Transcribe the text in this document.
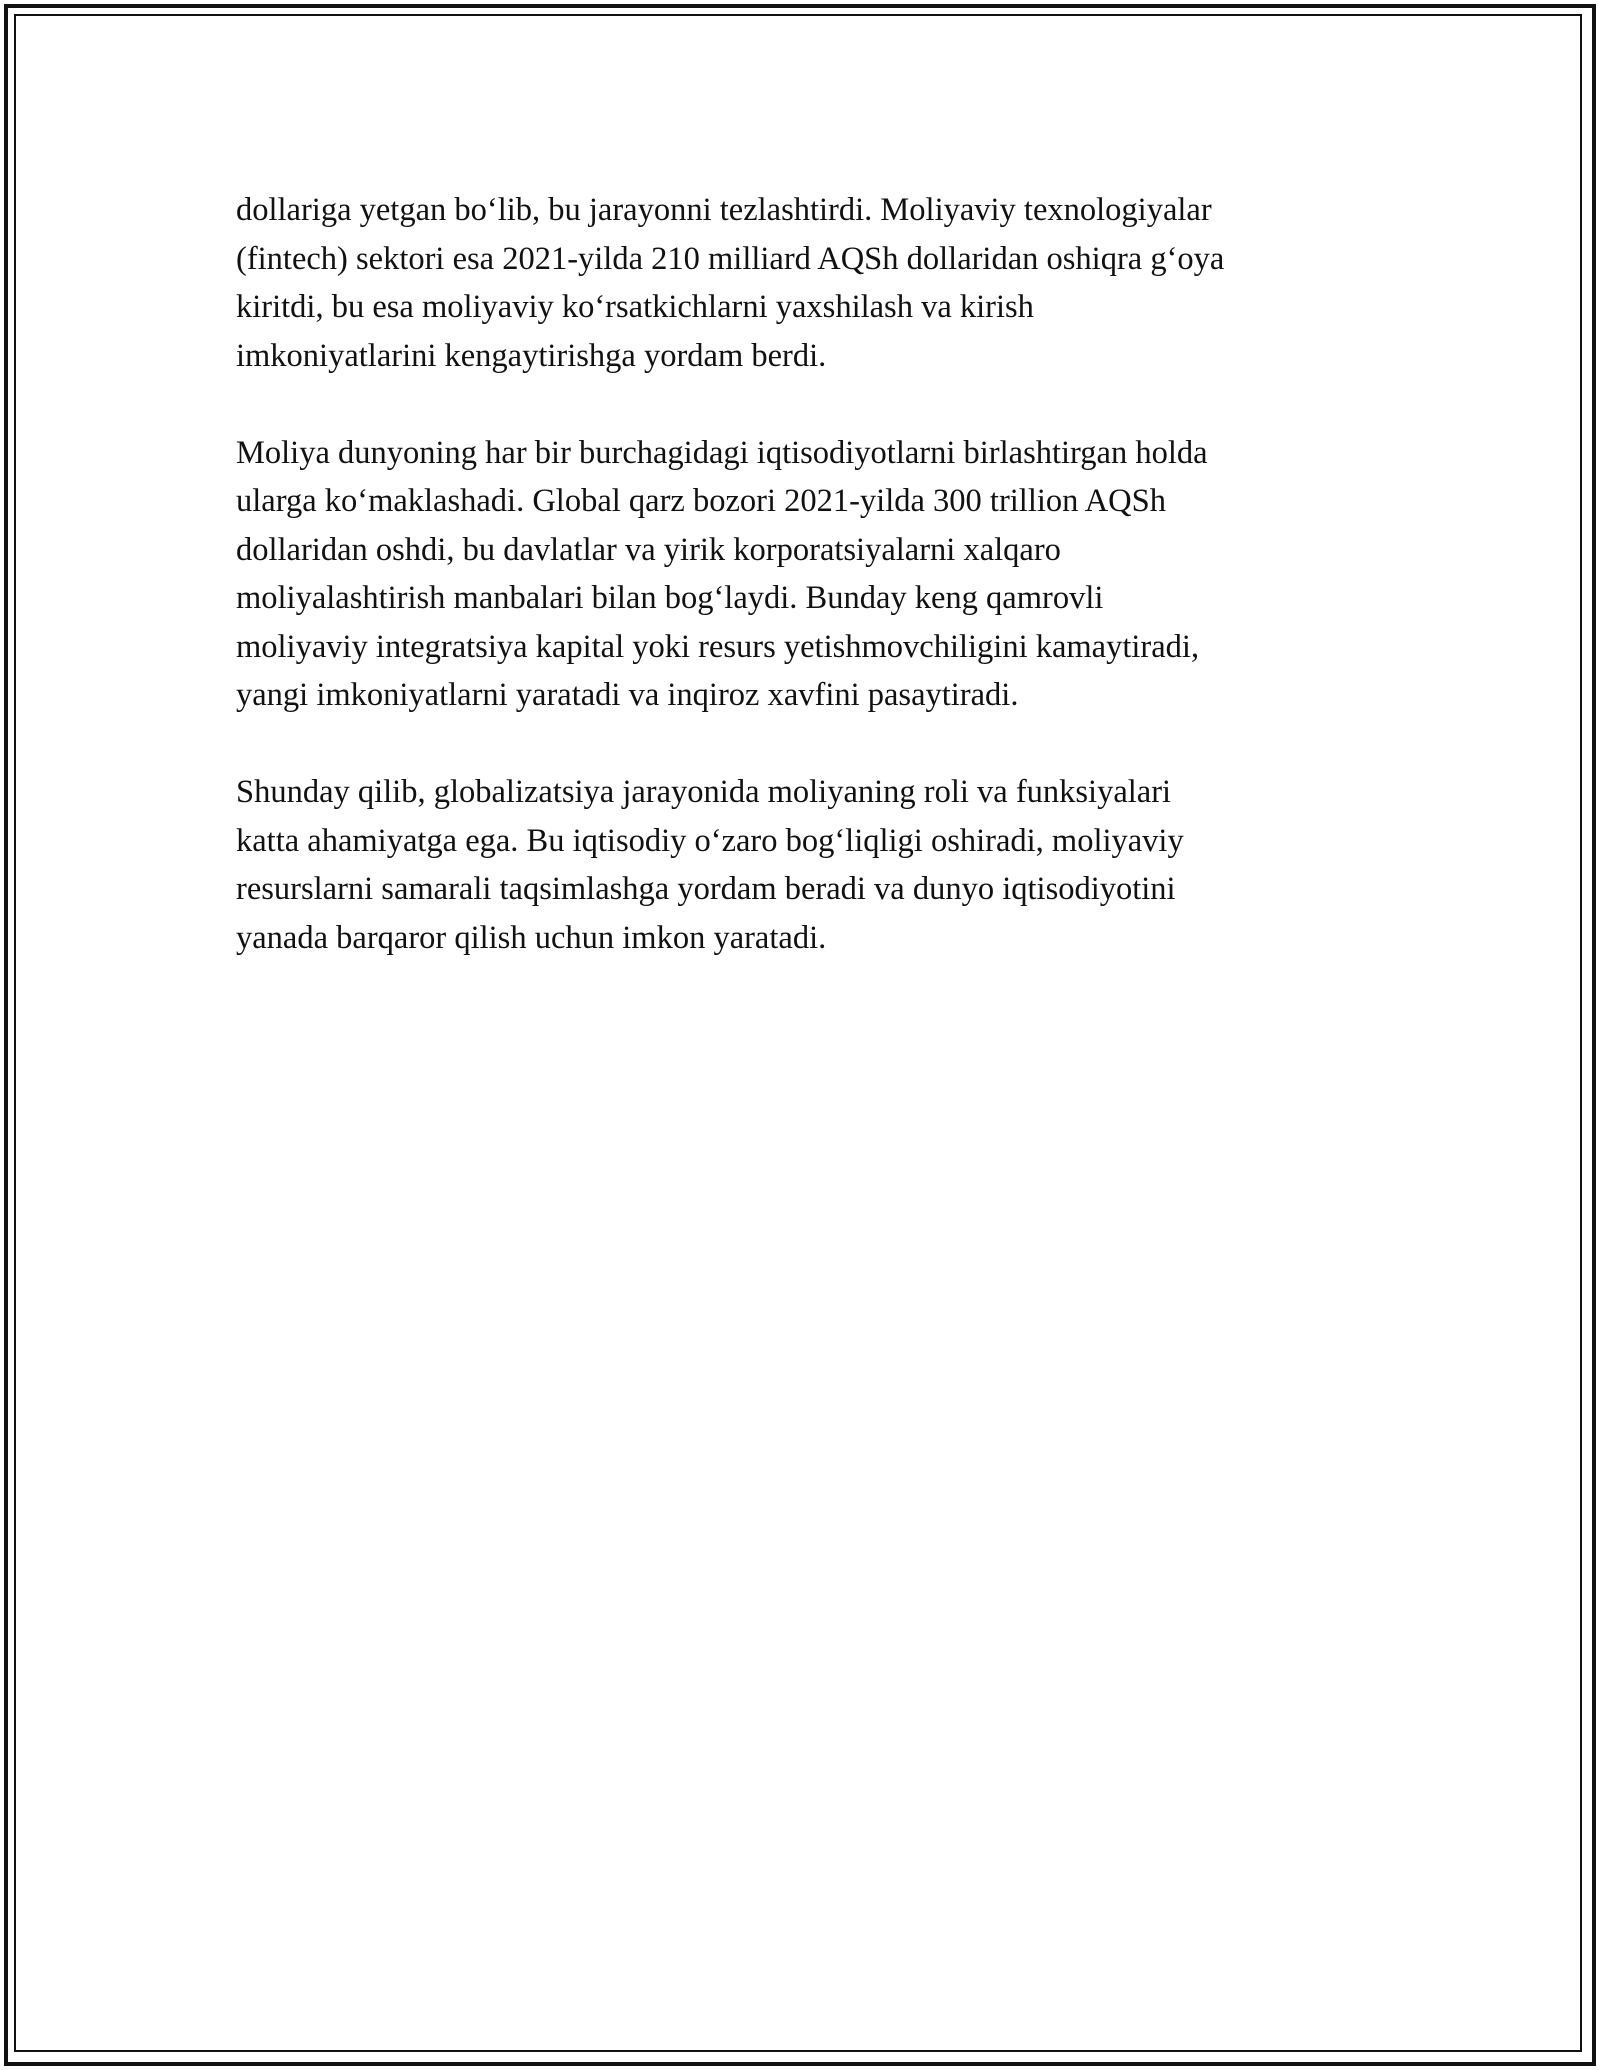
dollariga yetgan bo‘lib, bu jarayonni tezlashtirdi. Moliyaviy texnologiyalar
(fintech) sektori esa 2021-yilda 210 milliard AQSh dollaridan oshiqra g‘oya
kiritdi, bu esa moliyaviy ko‘rsatkichlarni yaxshilash va kirish
imkoniyatlarini kengaytirishga yordam berdi.

Moliya dunyoning har bir burchagidagi iqtisodiyotlarni birlashtirgan holda
ularga ko‘maklashadi. Global qarz bozori 2021-yilda 300 trillion AQSh
dollaridan oshdi, bu davlatlar va yirik korporatsiyalarni xalqaro
moliyalashtirish manbalari bilan bog‘laydi. Bunday keng qamrovli
moliyaviy integratsiya kapital yoki resurs yetishmovchiligini kamaytiradi,
yangi imkoniyatlarni yaratadi va inqiroz xavfini pasaytiradi.

Shunday qilib, globalizatsiya jarayonida moliyaning roli va funksiyalari
katta ahamiyatga ega. Bu iqtisodiy o‘zaro bog‘liqligi oshiradi, moliyaviy
resurslarni samarali taqsimlashga yordam beradi va dunyo iqtisodiyotini
yanada barqaror qilish uchun imkon yaratadi.
